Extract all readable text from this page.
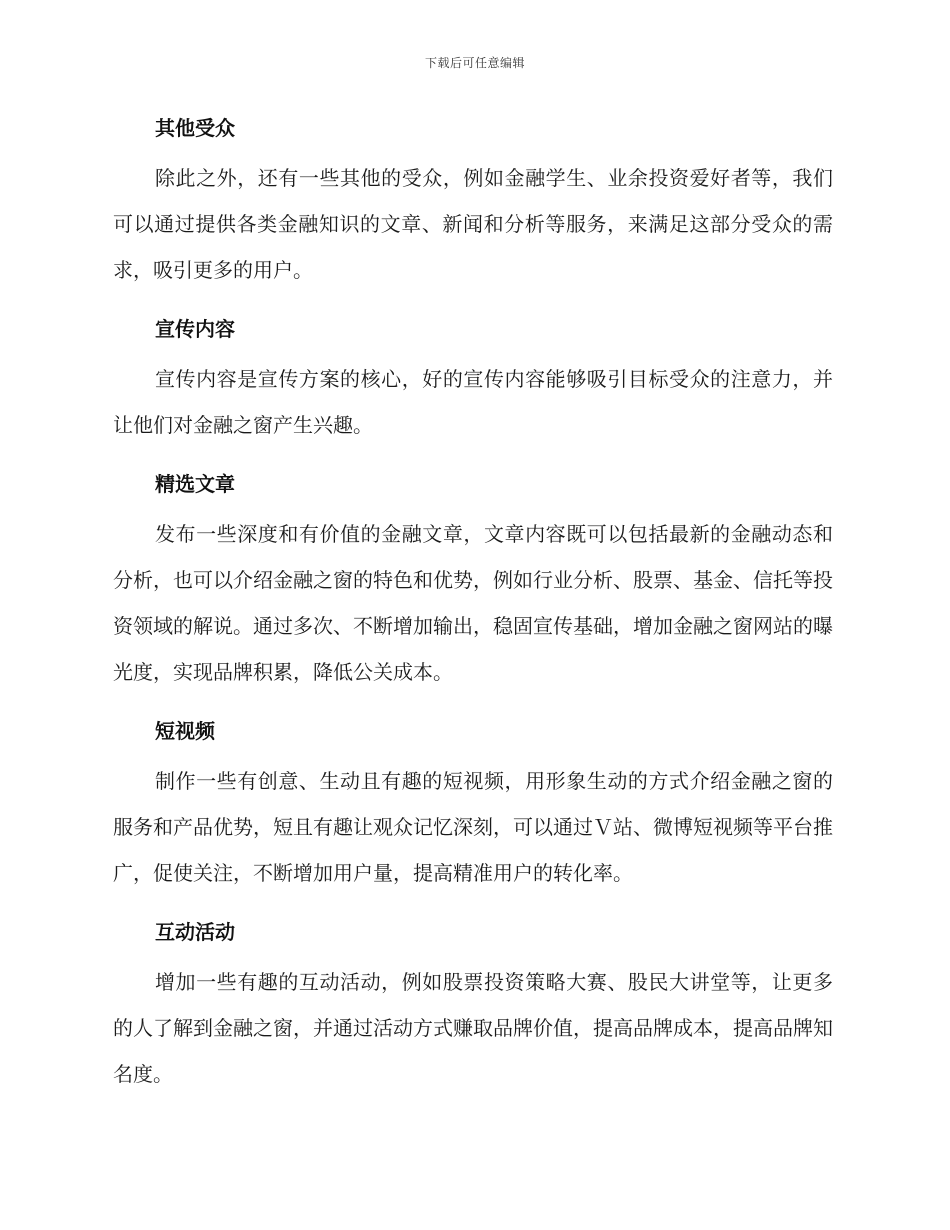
下载后可任意编辑
其他受众

除此之外，还有一些其他的受众，例如金融学生、业余投资爱好者等，我们可以通过提供各类金融知识的文章、新闻和分析等服务，来满足这部分受众的需求，吸引更多的用户。

宣传内容

宣传内容是宣传方案的核心，好的宣传内容能够吸引目标受众的注意力，并让他们对金融之窗产生兴趣。

精选文章

发布一些深度和有价值的金融文章，文章内容既可以包括最新的金融动态和分析，也可以介绍金融之窗的特色和优势，例如行业分析、股票、基金、信托等投资领域的解说。通过多次、不断增加输出，稳固宣传基础，增加金融之窗网站的曝光度，实现品牌积累，降低公关成本。

短视频

制作一些有创意、生动且有趣的短视频，用形象生动的方式介绍金融之窗的服务和产品优势，短且有趣让观众记忆深刻，可以通过Ｖ站、微博短视频等平台推广，促使关注，不断增加用户量，提高精准用户的转化率。

互动活动

增加一些有趣的互动活动，例如股票投资策略大赛、股民大讲堂等，让更多的人了解到金融之窗，并通过活动方式赚取品牌价值，提高品牌成本，提高品牌知名度。
